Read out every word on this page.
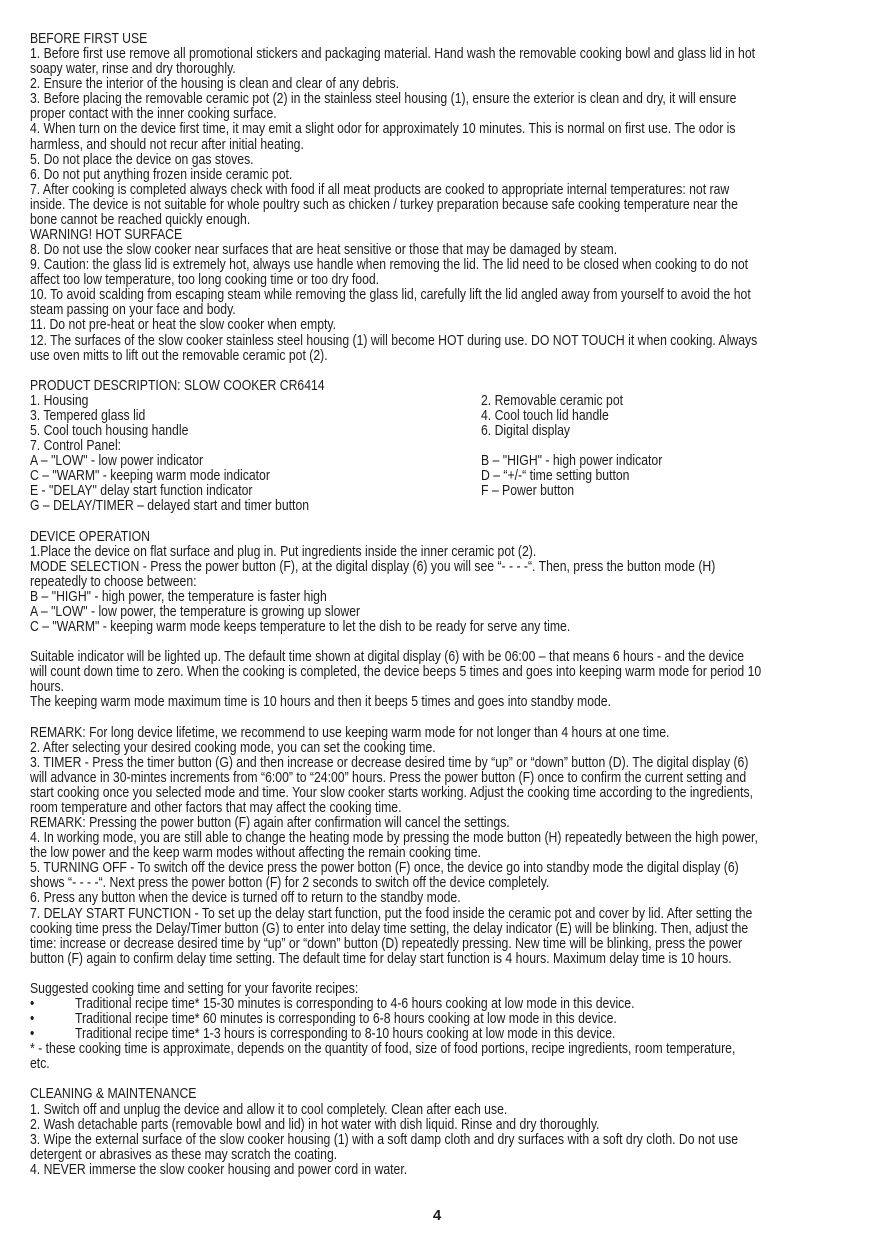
BEFORE FIRST USE
1. Before first use remove all promotional stickers and packaging material. Hand wash the removable cooking bowl and glass lid in hot
soapy water, rinse and dry thoroughly.
2. Ensure the interior of the housing is clean and clear of any debris.
3. Before placing the removable ceramic pot (2) in the stainless steel housing (1), ensure the exterior is clean and dry, it will ensure
proper contact with the inner cooking surface.
4. When turn on the device first time, it may emit a slight odor for approximately 10 minutes. This is normal on first use. The odor is
harmless, and should not recur after initial heating.
5. Do not place the device on gas stoves.
6. Do not put anything frozen inside ceramic pot.
7. After cooking is completed always check with food if all meat products are cooked to appropriate internal temperatures: not raw
inside. The device is not suitable for whole poultry such as chicken / turkey preparation because safe cooking temperature near the
bone cannot be reached quickly enough.
WARNING! HOT SURFACE
8. Do not use the slow cooker near surfaces that are heat sensitive or those that may be damaged by steam.
9. Caution: the glass lid is extremely hot, always use handle when removing the lid. The lid need to be closed when cooking to do not
affect too low temperature, too long cooking time or too dry food.
10. To avoid scalding from escaping steam while removing the glass lid, carefully lift the lid angled away from yourself to avoid the hot
steam passing on your face and body.
11. Do not pre-heat or heat the slow cooker when empty.
12. The surfaces of the slow cooker stainless steel housing (1) will become HOT during use. DO NOT TOUCH it when cooking. Always
use oven mitts to lift out the removable ceramic pot (2).
PRODUCT DESCRIPTION: SLOW COOKER CR6414
1. Housing	2. Removable ceramic pot
3. Tempered glass lid	4. Cool touch lid handle
5. Cool touch housing handle	6. Digital display
7. Control Panel:
A – "LOW" - low power indicator	B – "HIGH" - high power indicator
C – "WARM" - keeping warm mode indicator	D – “+/-“ time setting button
E - "DELAY" delay start function indicator	F – Power button
G – DELAY/TIMER – delayed start and timer button
DEVICE OPERATION
1.Place the device on flat surface and plug in. Put ingredients inside the inner ceramic pot (2).
MODE SELECTION - Press the power button (F), at the digital display (6) you will see “- - - -“. Then, press the button mode (H)
repeatedly to choose between:
B – "HIGH" - high power, the temperature is faster high
A – "LOW" - low power, the temperature is growing up slower
C – "WARM" - keeping warm mode keeps temperature to let the dish to be ready for serve any time.
Suitable indicator will be lighted up. The default time shown at digital display (6) with be 06:00 – that means 6 hours - and the device
will count down time to zero. When the cooking is completed, the device beeps 5 times and goes into keeping warm mode for period 10
hours.
The keeping warm mode maximum time is 10 hours and then it beeps 5 times and goes into standby mode.
REMARK: For long device lifetime, we recommend to use keeping warm mode for not longer than 4 hours at one time.
2. After selecting your desired cooking mode, you can set the cooking time.
3. TIMER - Press the timer button (G) and then increase or decrease desired time by “up” or “down” button (D). The digital display (6)
will advance in 30-mintes increments from “6:00” to “24:00” hours. Press the power button (F) once to confirm the current setting and
start cooking once you selected mode and time. Your slow cooker starts working. Adjust the cooking time according to the ingredients,
room temperature and other factors that may affect the cooking time.
REMARK: Pressing the power button (F) again after confirmation will cancel the settings.
4. In working mode, you are still able to change the heating mode by pressing the mode button (H) repeatedly between the high power,
the low power and the keep warm modes without affecting the remain cooking time.
5. TURNING OFF - To switch off the device press the power botton (F) once, the device go into standby mode the digital display (6)
shows “- - - -“. Next press the power botton (F) for 2 seconds to switch off the device completely.
6. Press any button when the device is turned off to return to the standby mode.
7. DELAY START FUNCTION - To set up the delay start function, put the food inside the ceramic pot and cover by lid. After setting the
cooking time press the Delay/Timer button (G) to enter into delay time setting, the delay indicator (E) will be blinking. Then, adjust the
time: increase or decrease desired time by “up” or “down” button (D) repeatedly pressing. New time will be blinking, press the power
button (F) again to confirm delay time setting. The default time for delay start function is 4 hours. Maximum delay time is 10 hours.
Suggested cooking time and setting for your favorite recipes:
•	Traditional recipe time* 15-30 minutes is corresponding to 4-6 hours cooking at low mode in this device.
•	Traditional recipe time* 60 minutes is corresponding to 6-8 hours cooking at low mode in this device.
•	Traditional recipe time* 1-3 hours is corresponding to 8-10 hours cooking at low mode in this device.
* - these cooking time is approximate, depends on the quantity of food, size of food portions, recipe ingredients, room temperature,
etc.
CLEANING & MAINTENANCE
1. Switch off and unplug the device and allow it to cool completely. Clean after each use.
2. Wash detachable parts (removable bowl and lid) in hot water with dish liquid. Rinse and dry thoroughly.
3. Wipe the external surface of the slow cooker housing (1) with a soft damp cloth and dry surfaces with a soft dry cloth. Do not use
detergent or abrasives as these may scratch the coating.
4. NEVER immerse the slow cooker housing and power cord in water.
4
